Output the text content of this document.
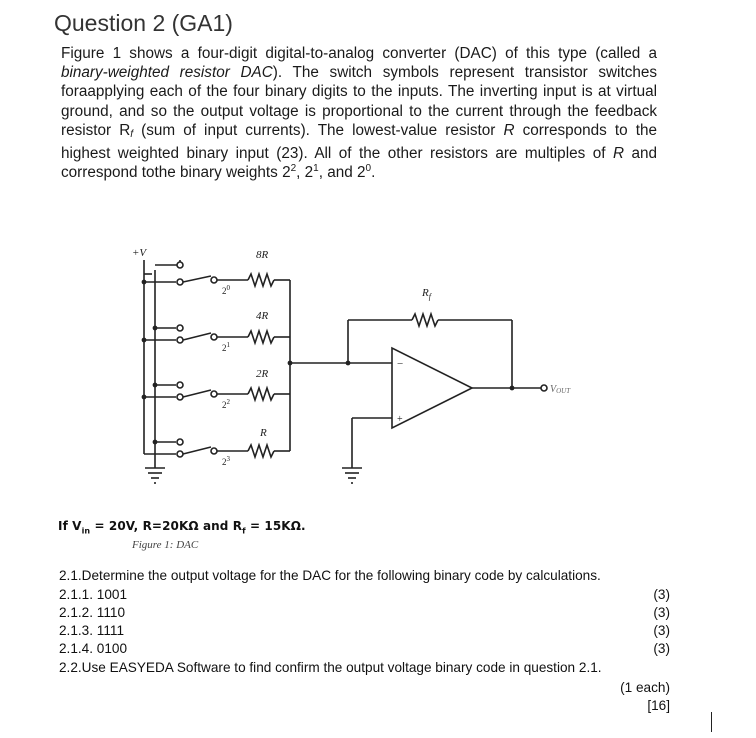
Question 2 (GA1)
Figure 1 shows a four-digit digital-to-analog converter (DAC) of this type (called a binary-weighted resistor DAC). The switch symbols represent transistor switches foraapplying each of the four binary digits to the inputs. The inverting input is at virtual ground, and so the output voltage is proportional to the current through the feedback resistor $R_f$ (sum of input currents). The lowest-value resistor R corresponds to the highest weighted binary input (23). All of the other resistors are multiples of R and correspond tothe binary weights $2^2$, $2^1$, and $2^0$.
+V	8R
4R
2R
R
$2^0$
$2^1$
$2^2$
$2^3$
$R_f$
−
+
VOUT
If $V_{in} = 20V$, R=20KΩ and $R_f = 15K\Omega$.
Figure 1: DAC
2.1.Determine the output voltage for the DAC for the following binary code by calculations.
2.1.1. 1001
2.1.2. 1110
2.1.3. 1111
2.1.4. 0100
2.2.Use EASYEDA Software to find confirm the output voltage binary code in question 2.1.
(3)
(3)
(3)
(3)
(1 each)
[16]
